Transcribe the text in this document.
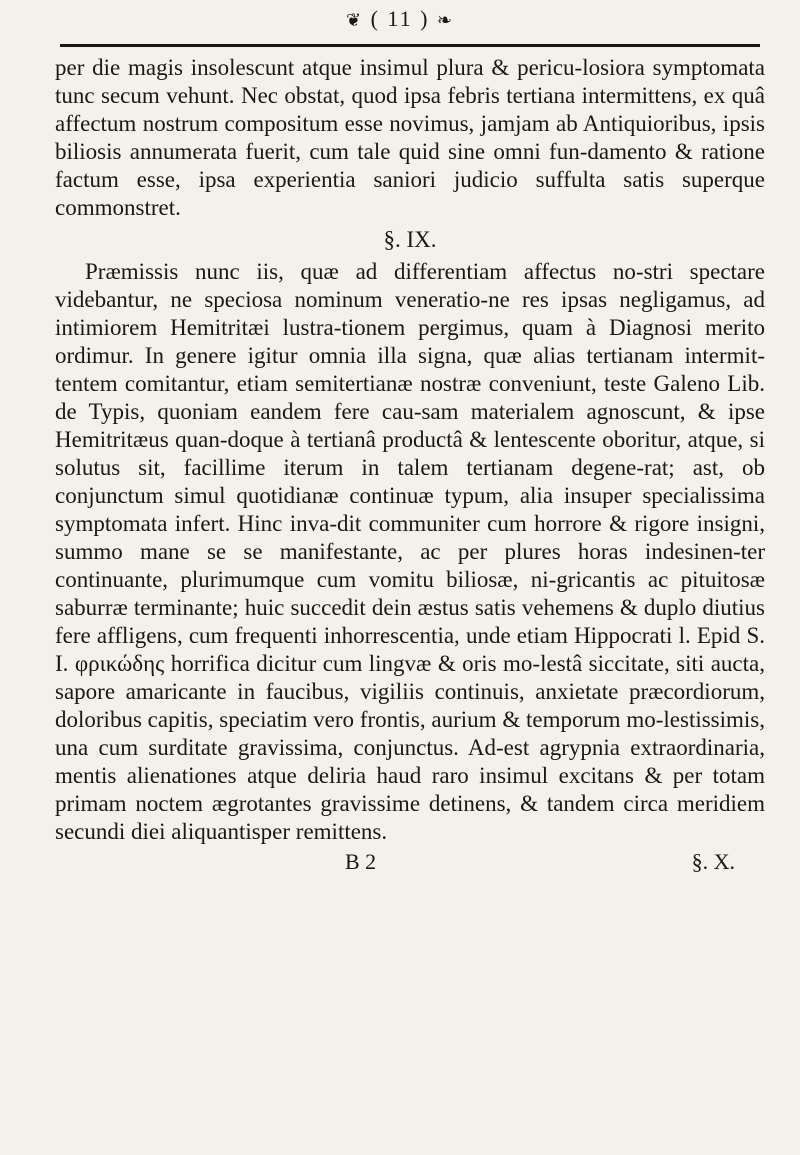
❦ ( 11 ) ❧

per die magis insolescunt atque insimul plura & pericu-losiora symptomata tunc secum vehunt. Nec obstat, quod ipsa febris tertiana intermittens, ex quâ affectum nostrum compositum esse novimus, jamjam ab Antiquioribus, ipsis biliosis annumerata fuerit, cum tale quid sine omni fun-damento & ratione factum esse, ipsa experientia saniori judicio suffulta satis superque commonstret.

§. IX.

Præmissis nunc iis, quæ ad differentiam affectus no-stri spectare videbantur, ne speciosa nominum veneratio-ne res ipsas negligamus, ad intimiorem Hemitritæi lustra-tionem pergimus, quam à Diagnosi merito ordimur. In genere igitur omnia illa signa, quæ alias tertianam intermit-tentem comitantur, etiam semitertianæ nostræ conveniunt, teste Galeno Lib. de Typis, quoniam eandem fere cau-sam materialem agnoscunt, & ipse Hemitritæus quan-doque à tertianâ productâ & lentescente oboritur, atque, si solutus sit, facillime iterum in talem tertianam degene-rat; ast, ob conjunctum simul quotidianæ continuæ typum, alia insuper specialissima symptomata infert. Hinc inva-dit communiter cum horrore & rigore insigni, summo mane se se manifestante, ac per plures horas indesinen-ter continuante, plurimumque cum vomitu biliosæ, ni-gricantis ac pituitosæ saburræ terminante; huic succedit dein æstus satis vehemens & duplo diutius fere affligens, cum frequenti inhorrescentia, unde etiam Hippocrati l. Epid S. I. φρικώδης horrifica dicitur cum lingvæ & oris mo-lestâ siccitate, siti aucta, sapore amaricante in faucibus, vigiliis continuis, anxietate præcordiorum, doloribus capitis, speciatim vero frontis, aurium & temporum mo-lestissimis, una cum surditate gravissima, conjunctus. Ad-est agrypnia extraordinaria, mentis alienationes atque deliria haud raro insimul excitans & per totam primam noctem ægrotantes gravissime detinens, & tandem circa meridiem secundi diei aliquantisper remittens.

B 2	§. X.
